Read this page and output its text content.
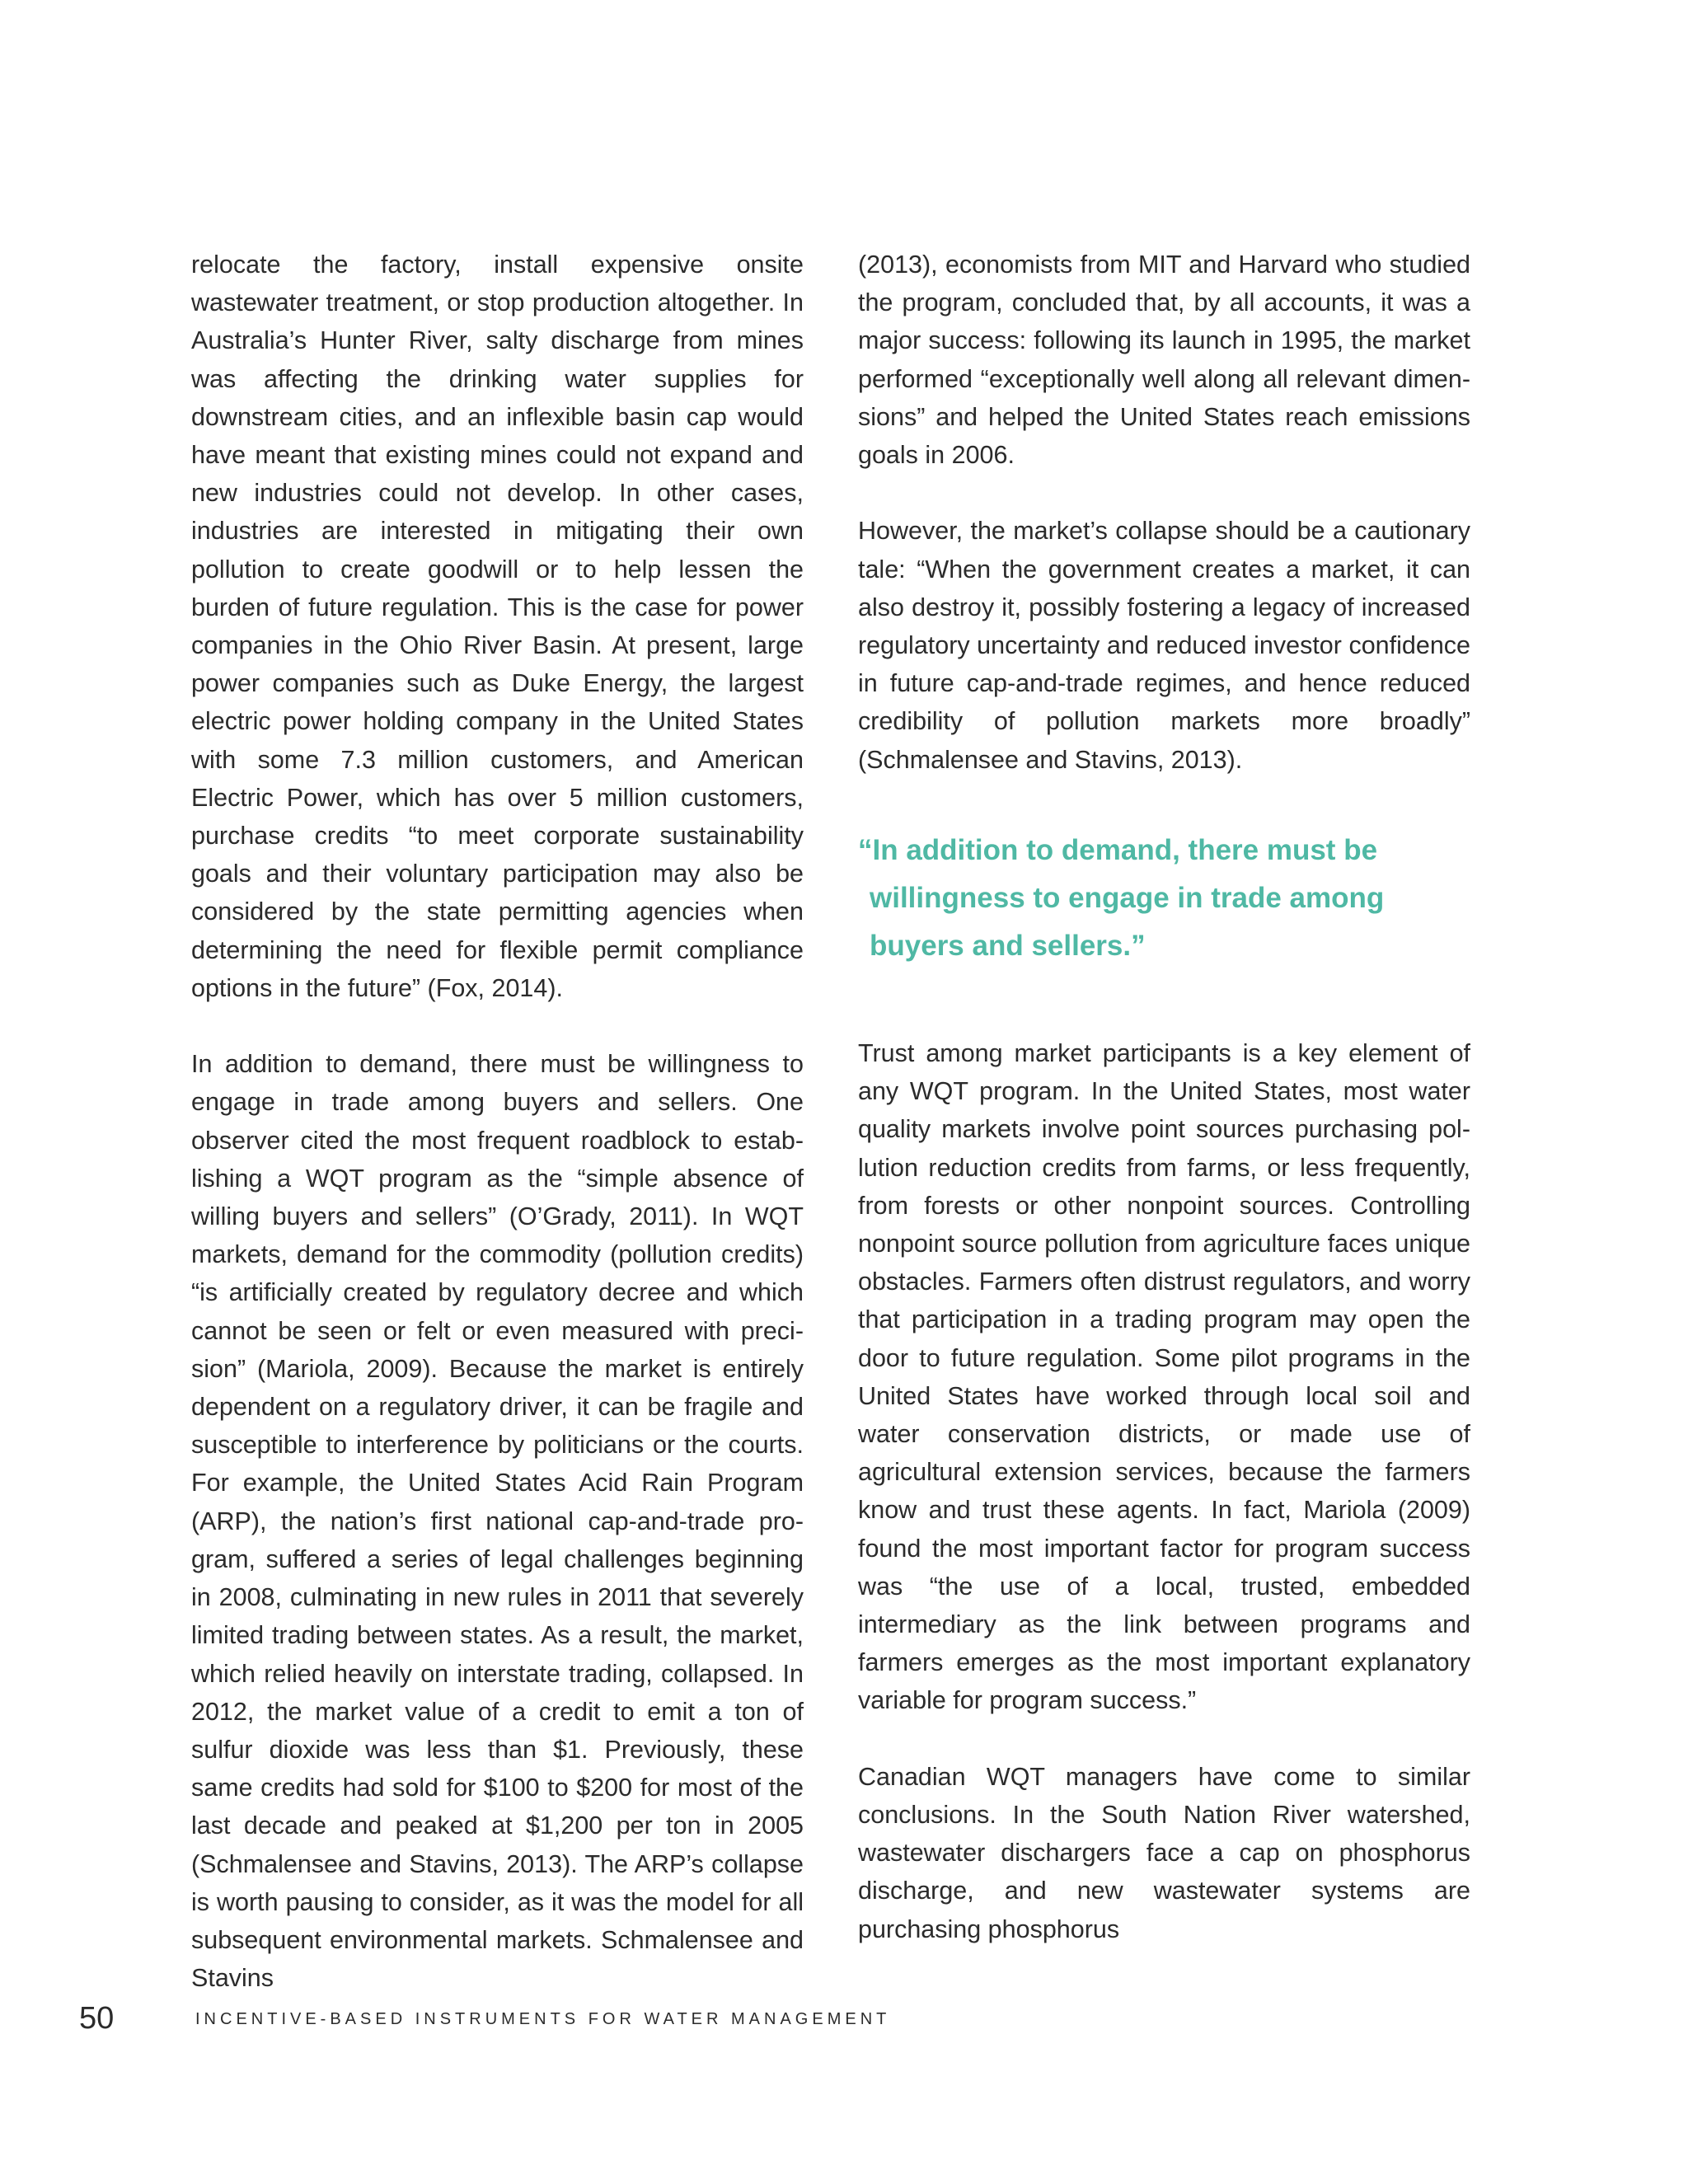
relocate the factory, install expensive onsite wastewater treatment, or stop production altogether. In Australia’s Hunter River, salty discharge from mines was affecting the drinking water supplies for downstream cities, and an inflexible basin cap would have meant that existing mines could not expand and new industries could not develop. In other cases, industries are interested in mitigating their own pollution to create goodwill or to help lessen the burden of future regulation. This is the case for power companies in the Ohio River Basin. At present, large power companies such as Duke Energy, the largest electric power holding company in the United States with some 7.3 million customers, and American Electric Power, which has over 5 million customers, purchase credits “to meet corporate sustainability goals and their voluntary participation may also be considered by the state permitting agencies when determining the need for flexible permit compliance options in the future” (Fox, 2014).

In addition to demand, there must be willingness to engage in trade among buyers and sellers. One observer cited the most frequent roadblock to establishing a WQT program as the “simple absence of willing buyers and sellers” (O’Grady, 2011). In WQT markets, demand for the commodity (pollution credits) “is artificially created by regulatory decree and which cannot be seen or felt or even measured with precision” (Mariola, 2009). Because the market is entirely dependent on a regulatory driver, it can be fragile and susceptible to interference by politicians or the courts. For example, the United States Acid Rain Program (ARP), the nation’s first national cap-and-trade program, suffered a series of legal challenges beginning in 2008, culminating in new rules in 2011 that severely limited trading between states. As a result, the market, which relied heavily on interstate trading, collapsed. In 2012, the market value of a credit to emit a ton of sulfur dioxide was less than $1. Previously, these same credits had sold for $100 to $200 for most of the last decade and peaked at $1,200 per ton in 2005 (Schmalensee and Stavins, 2013). The ARP’s collapse is worth pausing to consider, as it was the model for all subsequent environmental markets. Schmalensee and Stavins

(2013), economists from MIT and Harvard who studied the program, concluded that, by all accounts, it was a major success: following its launch in 1995, the market performed “exceptionally well along all relevant dimensions” and helped the United States reach emissions goals in 2006.

However, the market’s collapse should be a cautionary tale: “When the government creates a market, it can also destroy it, possibly fostering a legacy of increased regulatory uncertainty and reduced investor confidence in future cap-and-trade regimes, and hence reduced credibility of pollution markets more broadly” (Schmalensee and Stavins, 2013).

“In addition to demand, there must be
willingness to engage in trade among
buyers and sellers.”

Trust among market participants is a key element of any WQT program. In the United States, most water quality markets involve point sources purchasing pollution reduction credits from farms, or less frequently, from forests or other nonpoint sources. Controlling nonpoint source pollution from agriculture faces unique obstacles. Farmers often distrust regulators, and worry that participation in a trading program may open the door to future regulation. Some pilot programs in the United States have worked through local soil and water conservation districts, or made use of agricultural extension services, because the farmers know and trust these agents. In fact, Mariola (2009) found the most important factor for program success was “the use of a local, trusted, embedded intermediary as the link between programs and farmers emerges as the most important explanatory variable for program success.”

Canadian WQT managers have come to similar conclusions. In the South Nation River watershed, wastewater dischargers face a cap on phosphorus discharge, and new wastewater systems are purchasing phosphorus

50	INCENTIVE-BASED INSTRUMENTS FOR WATER MANAGEMENT
